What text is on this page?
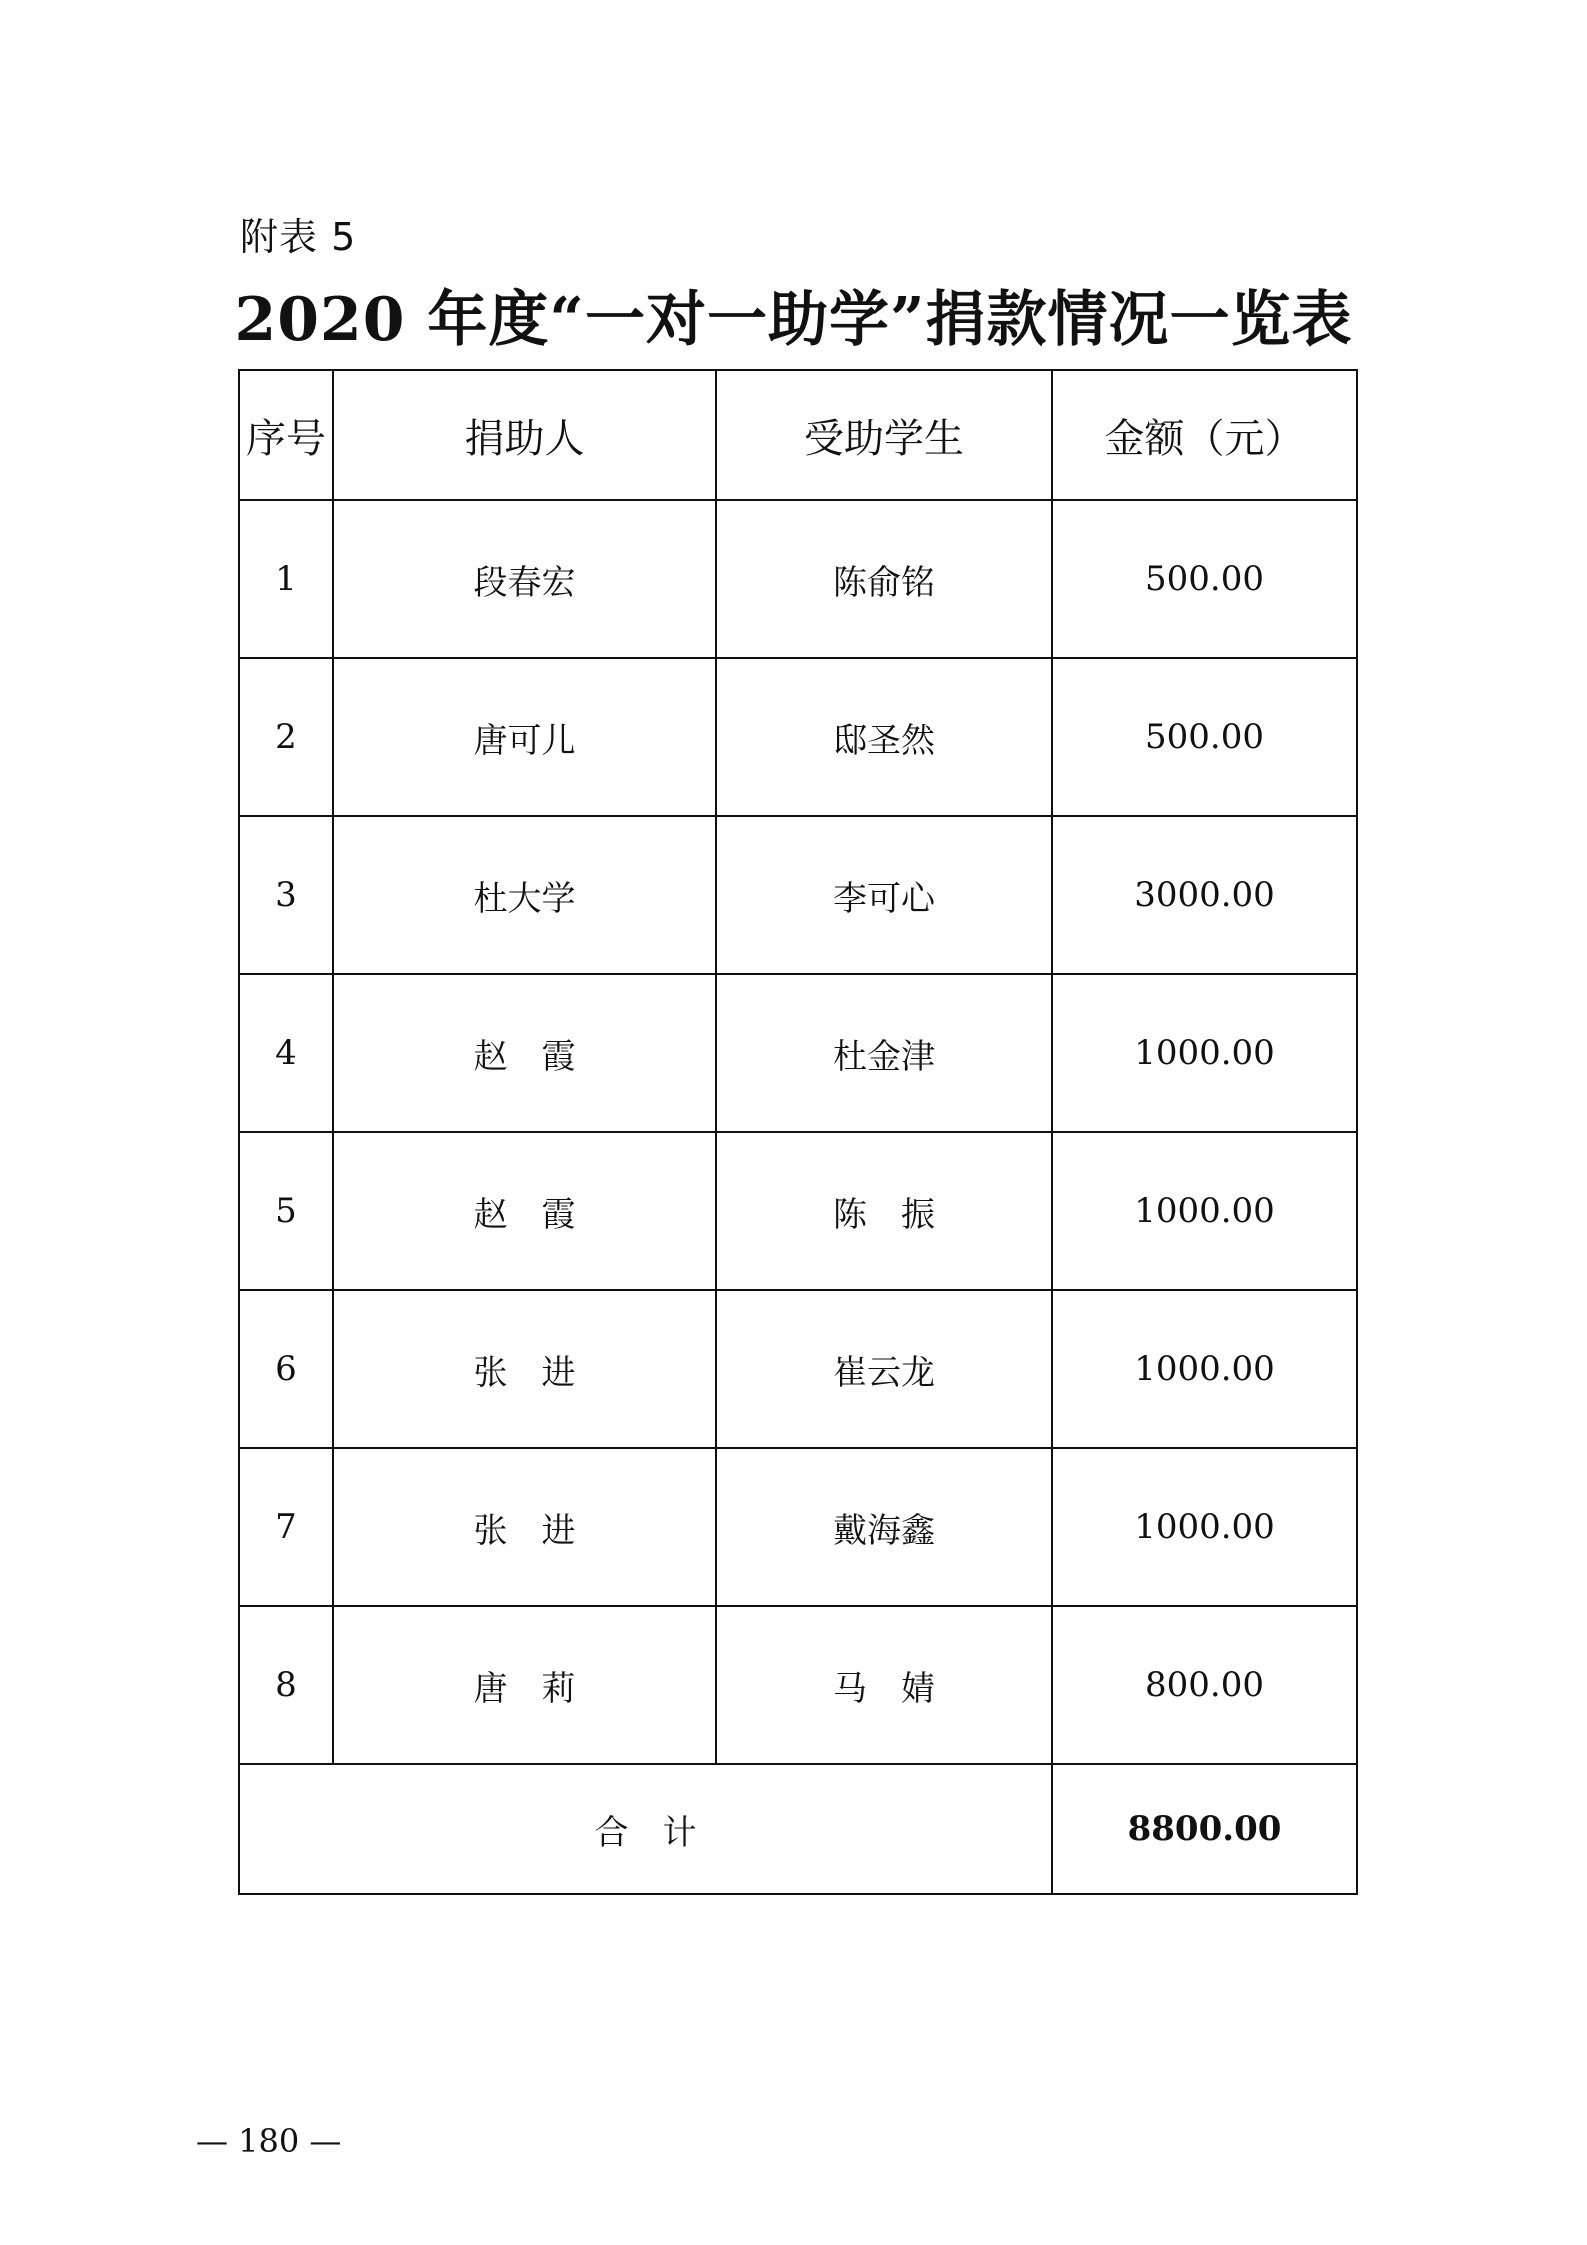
附表 5
2020 年度“一对一助学”捐款情况一览表
序号	捐助人	受助学生	金额（元）
1	段春宏	陈俞铭	500.00
2	唐可儿	邸圣然	500.00
3	杜大学	李可心	3000.00
4	赵　霞	杜金津	1000.00
5	赵　霞	陈　振	1000.00
6	张　进	崔云龙	1000.00
7	张　进	戴海鑫	1000.00
8	唐　莉	马　婧	800.00
合　计			8800.00
— 180 —
